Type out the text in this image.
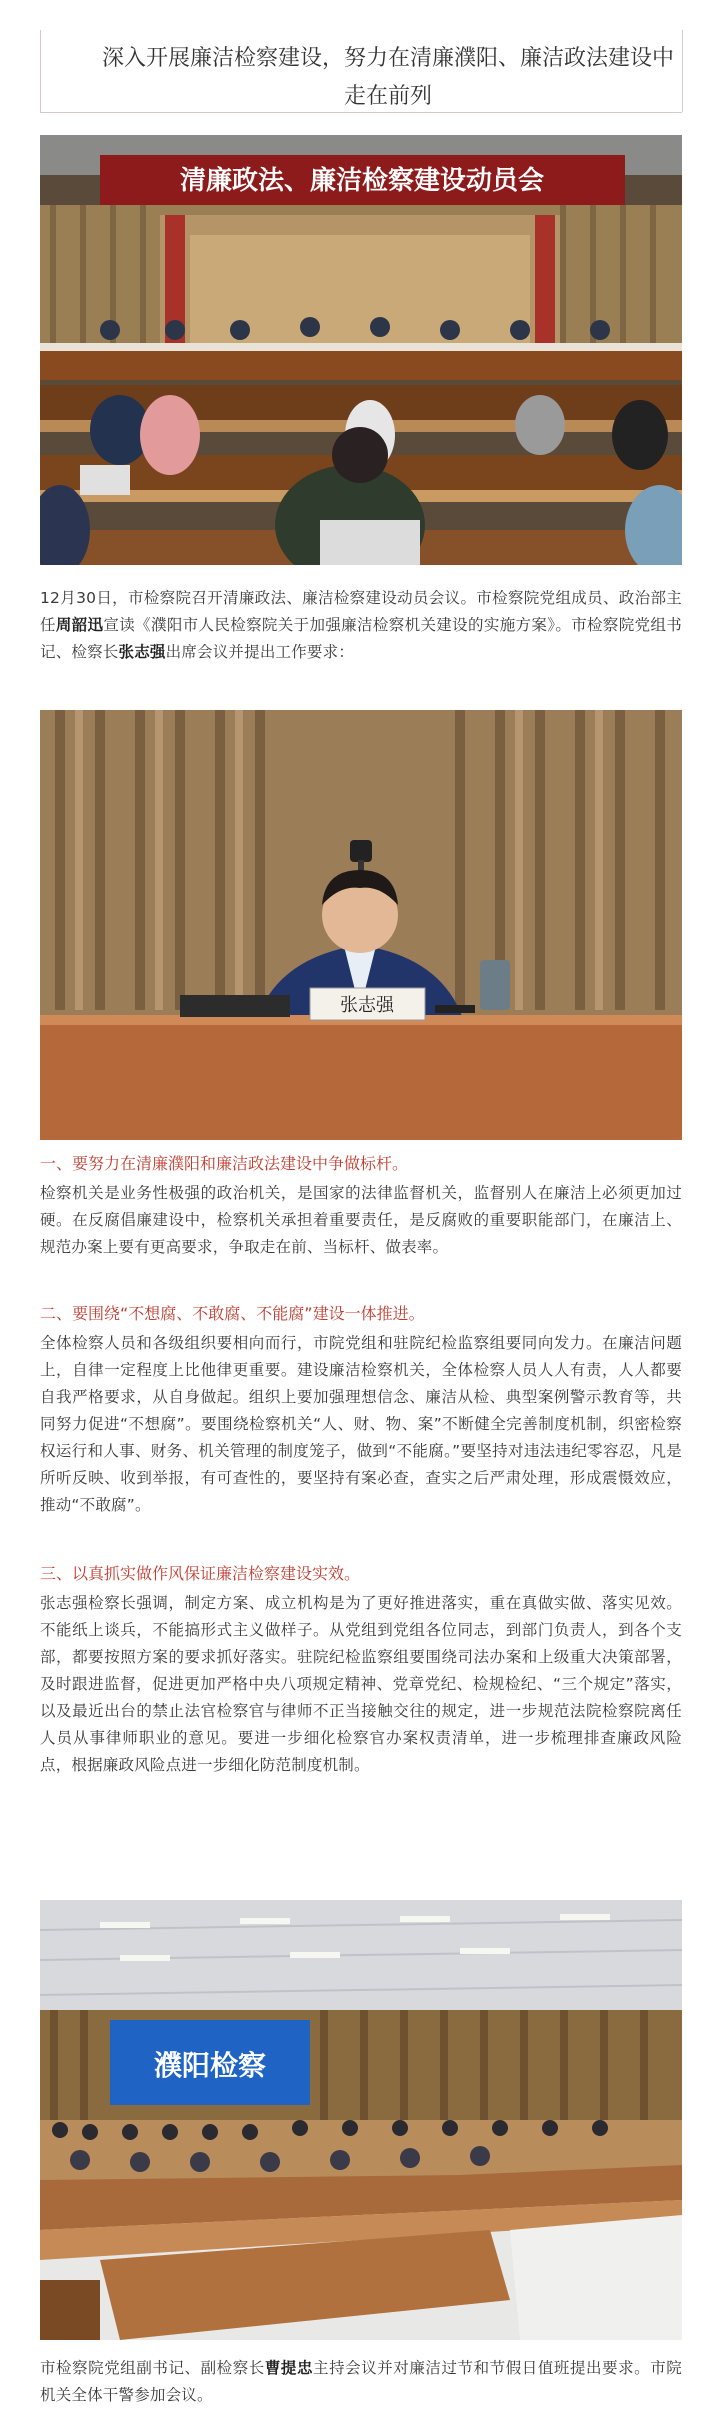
深入开展廉洁检察建设，努力在清廉濮阳、廉洁政法建设中
走在前列
清廉政法、廉洁检察建设动员会
12月30日，市检察院召开清廉政法、廉洁检察建设动员会议。市检察院党组成员、政治部主任周韶迅宣读《濮阳市人民检察院关于加强廉洁检察机关建设的实施方案》。市检察院党组书记、检察长张志强出席会议并提出工作要求：
张志强
一、要努力在清廉濮阳和廉洁政法建设中争做标杆。
检察机关是业务性极强的政治机关，是国家的法律监督机关，监督别人在廉洁上必须更加过硬。在反腐倡廉建设中，检察机关承担着重要责任，是反腐败的重要职能部门，在廉洁上、规范办案上要有更高要求，争取走在前、当标杆、做表率。
二、要围绕“不想腐、不敢腐、不能腐”建设一体推进。
全体检察人员和各级组织要相向而行，市院党组和驻院纪检监察组要同向发力。在廉洁问题上，自律一定程度上比他律更重要。建设廉洁检察机关，全体检察人员人人有责，人人都要自我严格要求，从自身做起。组织上要加强理想信念、廉洁从检、典型案例警示教育等，共同努力促进“不想腐”。要围绕检察机关“人、财、物、案”不断健全完善制度机制，织密检察权运行和人事、财务、机关管理的制度笼子，做到“不能腐。”要坚持对违法违纪零容忍，凡是所听反映、收到举报，有可查性的，要坚持有案必查，查实之后严肃处理，形成震慑效应，推动“不敢腐”。
三、以真抓实做作风保证廉洁检察建设实效。
张志强检察长强调，制定方案、成立机构是为了更好推进落实，重在真做实做、落实见效。不能纸上谈兵，不能搞形式主义做样子。从党组到党组各位同志，到部门负责人，到各个支部，都要按照方案的要求抓好落实。驻院纪检监察组要围绕司法办案和上级重大决策部署，及时跟进监督，促进更加严格中央八项规定精神、党章党纪、检规检纪、“三个规定”落实，以及最近出台的禁止法官检察官与律师不正当接触交往的规定，进一步规范法院检察院离任人员从事律师职业的意见。要进一步细化检察官办案权责清单，进一步梳理排查廉政风险点，根据廉政风险点进一步细化防范制度机制。
濮阳检察
市检察院党组副书记、副检察长曹提忠主持会议并对廉洁过节和节假日值班提出要求。市院机关全体干警参加会议。
